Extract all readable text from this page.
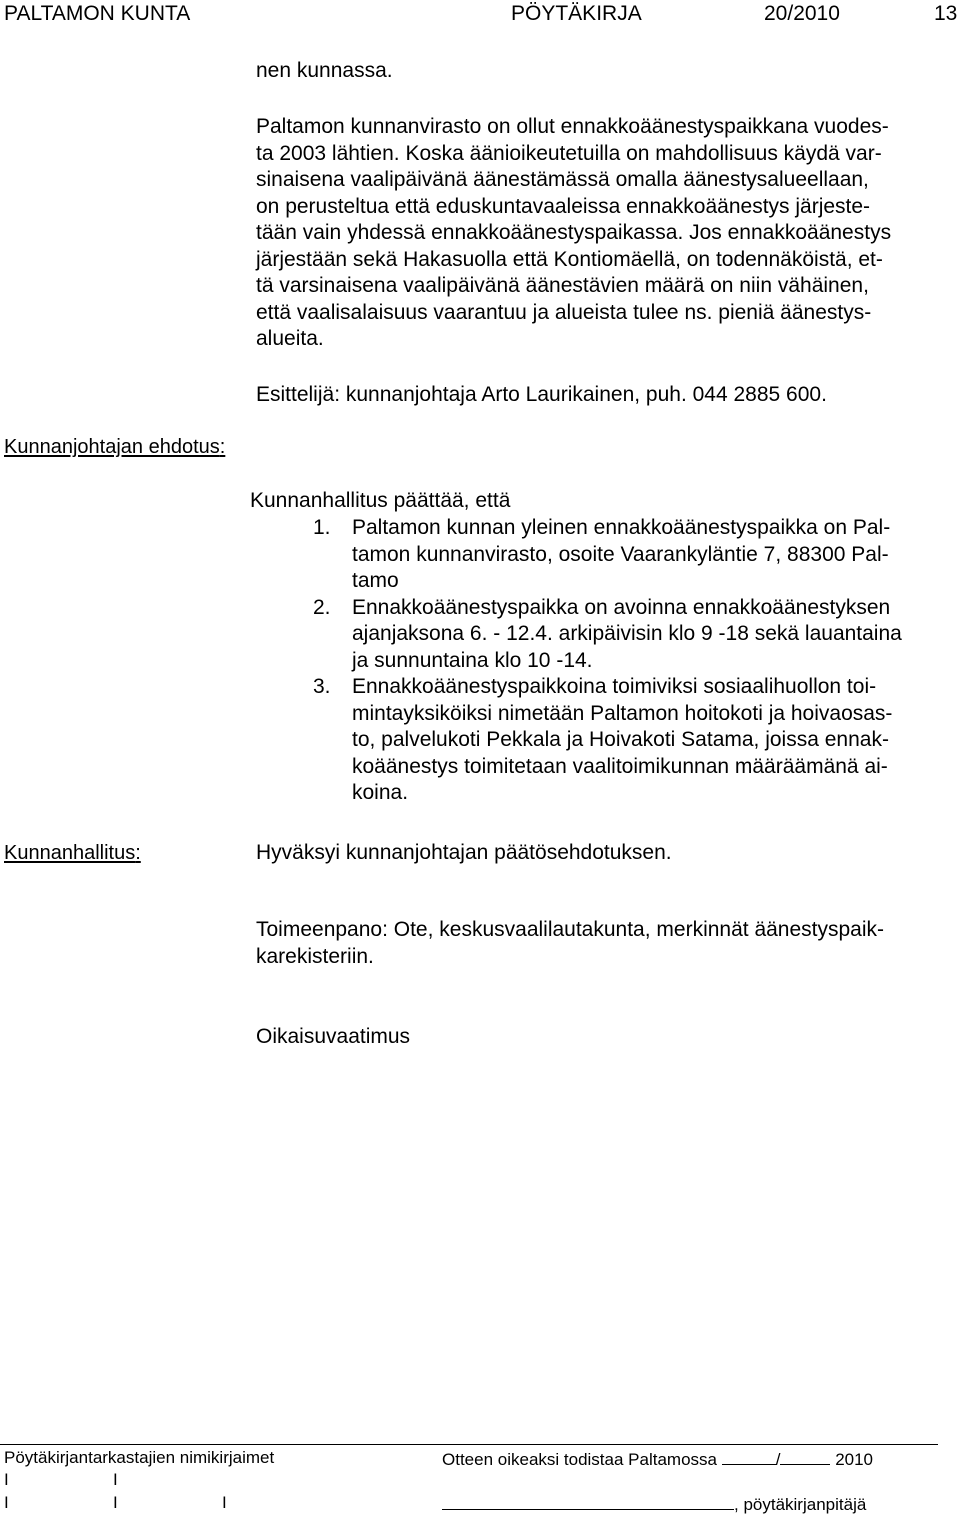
PALTAMON KUNTA	PÖYTÄKIRJA	20/2010	13
nen kunnassa.
Paltamon kunnanvirasto on ollut ennakkoäänestyspaikkana vuodes-
ta 2003 lähtien. Koska äänioikeutetuilla on mahdollisuus käydä var-
sinaisena vaalipäivänä äänestämässä omalla äänestysalueellaan,
on perusteltua että eduskuntavaaleissa ennakkoäänestys järjeste-
tään vain yhdessä ennakkoäänestyspaikassa. Jos ennakkoäänestys
järjestään sekä Hakasuolla että Kontiomäellä, on todennäköistä, et-
tä varsinaisena vaalipäivänä äänestävien määrä on niin vähäinen,
että vaalisalaisuus vaarantuu ja alueista tulee ns. pieniä äänestys-
alueita.
Esittelijä: kunnanjohtaja Arto Laurikainen, puh. 044 2885 600.
Kunnanjohtajan ehdotus:
Kunnanhallitus päättää, että
1. Paltamon kunnan yleinen ennakkoäänestyspaikka on Pal-
tamon kunnanvirasto, osoite Vaarankyläntie 7, 88300 Pal-
tamo
2. Ennakkoäänestyspaikka on avoinna ennakkoäänestyksen
ajanjaksona 6. - 12.4. arkipäivisin klo 9 -18 sekä lauantaina
ja sunnuntaina klo 10 -14.
3. Ennakkoäänestyspaikkoina toimiviksi sosiaalihuollon toi-
mintayksiköiksi nimetään Paltamon hoitokoti ja hoivaosas-
to, palvelukoti Pekkala ja Hoivakoti Satama, joissa ennak-
koäänestys toimitetaan vaalitoimikunnan määräämänä ai-
koina.
Kunnanhallitus:	Hyväksyi kunnanjohtajan päätösehdotuksen.
Toimeenpano: Ote, keskusvaalilautakunta, merkinnät äänestyspaik-
karekisteriin.
Oikaisuvaatimus
Pöytäkirjantarkastajien nimikirjaimet	Otteen oikeaksi todistaa Paltamossa	/	2010
I	I
I	I	I	, pöytäkirjanpitäjä
